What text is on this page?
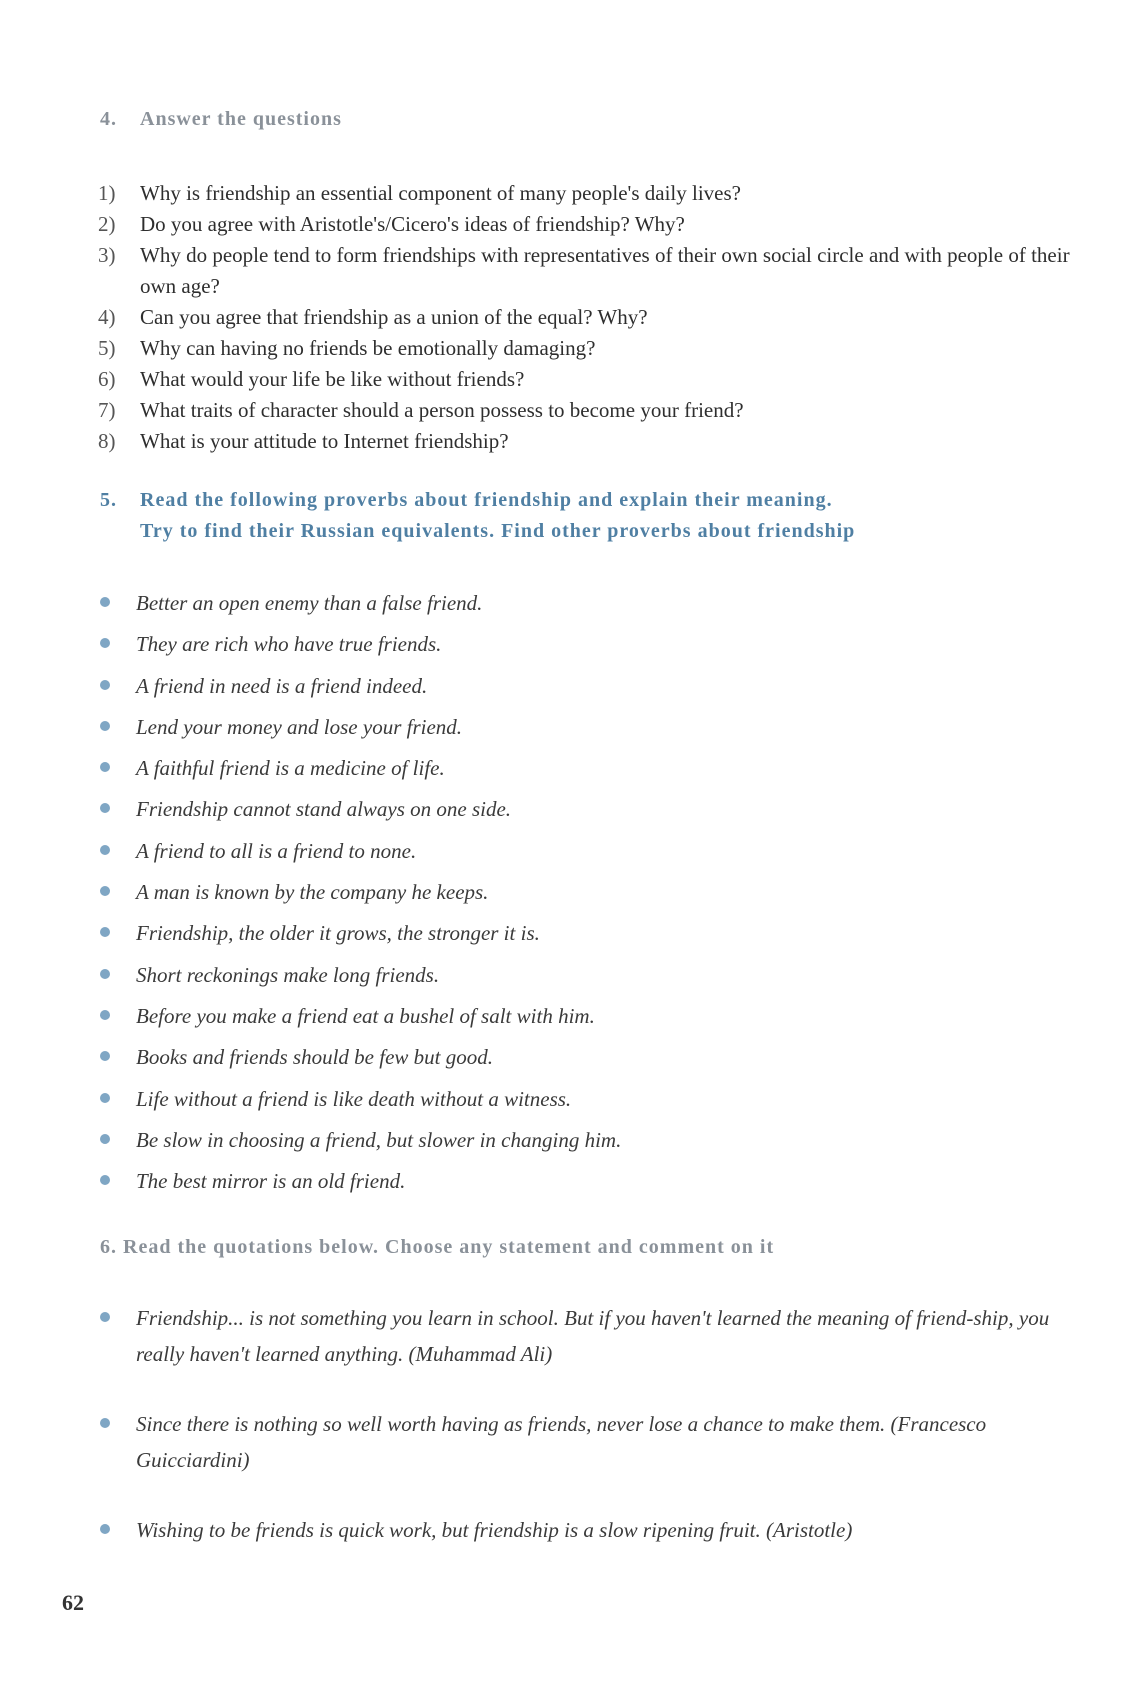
4. Answer the questions
1)	Why is friendship an essential component of many people's daily lives?
2)	Do you agree with Aristotle's/Cicero's ideas of friendship? Why?
3)	Why do people tend to form friendships with representatives of their own social circle and with people of their own age?
4)	Can you agree that friendship as a union of the equal? Why?
5)	Why can having no friends be emotionally damaging?
6)	What would your life be like without friends?
7)	What traits of character should a person possess to become your friend?
8)	What is your attitude to Internet friendship?
5. Read the following proverbs about friendship and explain their meaning.
Try to find their Russian equivalents. Find other proverbs about friendship
Better an open enemy than a false friend.
They are rich who have true friends.
A friend in need is a friend indeed.
Lend your money and lose your friend.
A faithful friend is a medicine of life.
Friendship cannot stand always on one side.
A friend to all is a friend to none.
A man is known by the company he keeps.
Friendship, the older it grows, the stronger it is.
Short reckonings make long friends.
Before you make a friend eat a bushel of salt with him.
Books and friends should be few but good.
Life without a friend is like death without a witness.
Be slow in choosing a friend, but slower in changing him.
The best mirror is an old friend.
6. Read the quotations below. Choose any statement and comment on it
Friendship... is not something you learn in school. But if you haven't learned the meaning of friend-ship, you really haven't learned anything. (Muhammad Ali)
Since there is nothing so well worth having as friends, never lose a chance to make them. (Francesco Guicciardini)
Wishing to be friends is quick work, but friendship is a slow ripening fruit. (Aristotle)
62
